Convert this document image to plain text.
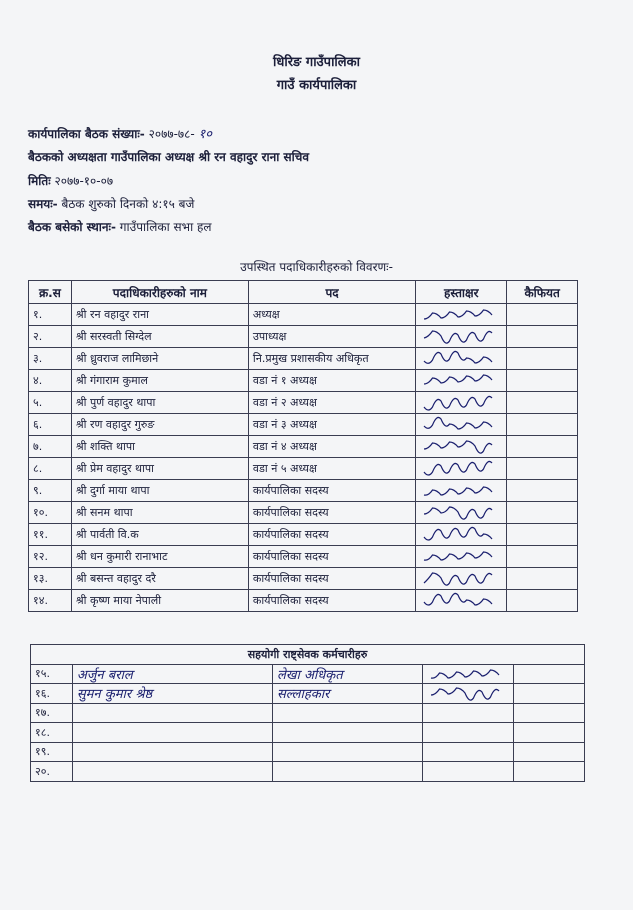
धिरिङ गाउँपालिका
गाउँ कार्यपालिका
कार्यपालिका बैठक संख्याः- २०७७-७८- १०
बैठकको अध्यक्षता गाउँपालिका अध्यक्ष श्री रन वहादुर राना सचिव
मितिः २०७७-१०-०७
समयः- बैठक शुरुको दिनको ४:१५ बजे
बैठक बसेको स्थानः- गाउँपालिका सभा हल
उपस्थित पदाधिकारीहरुको विवरणः-
क्र.स	पदाधिकारीहरुको नाम	पद	हस्ताक्षर	कैफियत
१.	श्री रन वहादुर राना	अध्यक्ष	

२.	श्री सरस्वती सिग्देल	उपाध्यक्ष	

३.	श्री ध्रुवराज लामिछाने	नि.प्रमुख प्रशासकीय अधिकृत	

४.	श्री गंगाराम कुमाल	वडा नं १ अध्यक्ष	

५.	श्री पुर्ण वहादुर थापा	वडा नं २ अध्यक्ष	

६.	श्री रण वहादुर गुरुङ	वडा नं ३ अध्यक्ष	

७.	श्री शक्ति थापा	वडा नं ४ अध्यक्ष	

८.	श्री प्रेम वहादुर थापा	वडा नं ५ अध्यक्ष	

९.	श्री दुर्गा माया थापा	कार्यपालिका सदस्य	

१०.	श्री सनम थापा	कार्यपालिका सदस्य	

११.	श्री पार्वती वि.क	कार्यपालिका सदस्य	

१२.	श्री धन कुमारी रानाभाट	कार्यपालिका सदस्य	

१३.	श्री बसन्त वहादुर दरै	कार्यपालिका सदस्य	

१४.	श्री कृष्ण माया नेपाली	कार्यपालिका सदस्य	

सहयोगी राष्ट्सेवक कर्मचारीहरु				
१५.	अर्जुन बराल	लेखा अधिकृत	

१६.	सुमन कुमार श्रेष्ठ	सल्लाहकार	

१७.				
१८.				
१९.				
२०.				
